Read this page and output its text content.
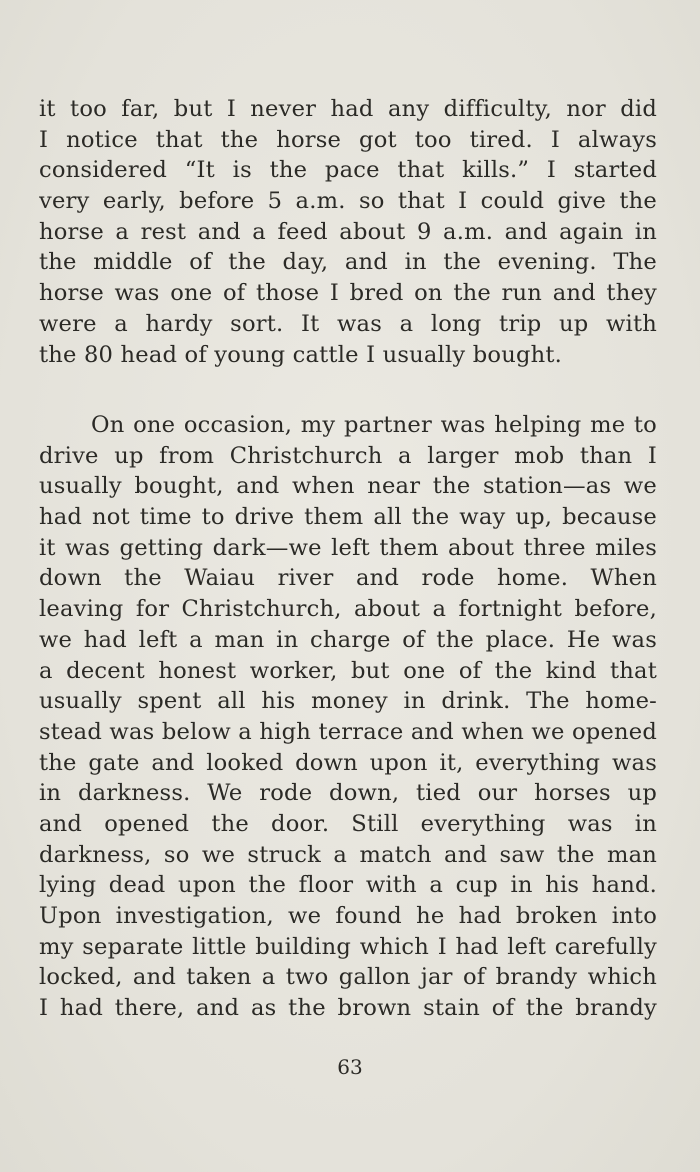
it too far, but I never had any difficulty, nor did
I notice that the horse got too tired. I always
considered “It is the pace that kills.” I started
very early, before 5 a.m. so that I could give the
horse a rest and a feed about 9 a.m. and again in
the middle of the day, and in the evening. The
horse was one of those I bred on the run and they
were a hardy sort. It was a long trip up with
the 80 head of young cattle I usually bought.
On one occasion, my partner was helping me to
drive up from Christchurch a larger mob than I
usually bought, and when near the station—as we
had not time to drive them all the way up, because
it was getting dark—we left them about three miles
down the Waiau river and rode home. When
leaving for Christchurch, about a fortnight before,
we had left a man in charge of the place. He was
a decent honest worker, but one of the kind that
usually spent all his money in drink. The home-
stead was below a high terrace and when we opened
the gate and looked down upon it, everything was
in darkness. We rode down, tied our horses up
and opened the door. Still everything was in
darkness, so we struck a match and saw the man
lying dead upon the floor with a cup in his hand.
Upon investigation, we found he had broken into
my separate little building which I had left carefully
locked, and taken a two gallon jar of brandy which
I had there, and as the brown stain of the brandy
63
